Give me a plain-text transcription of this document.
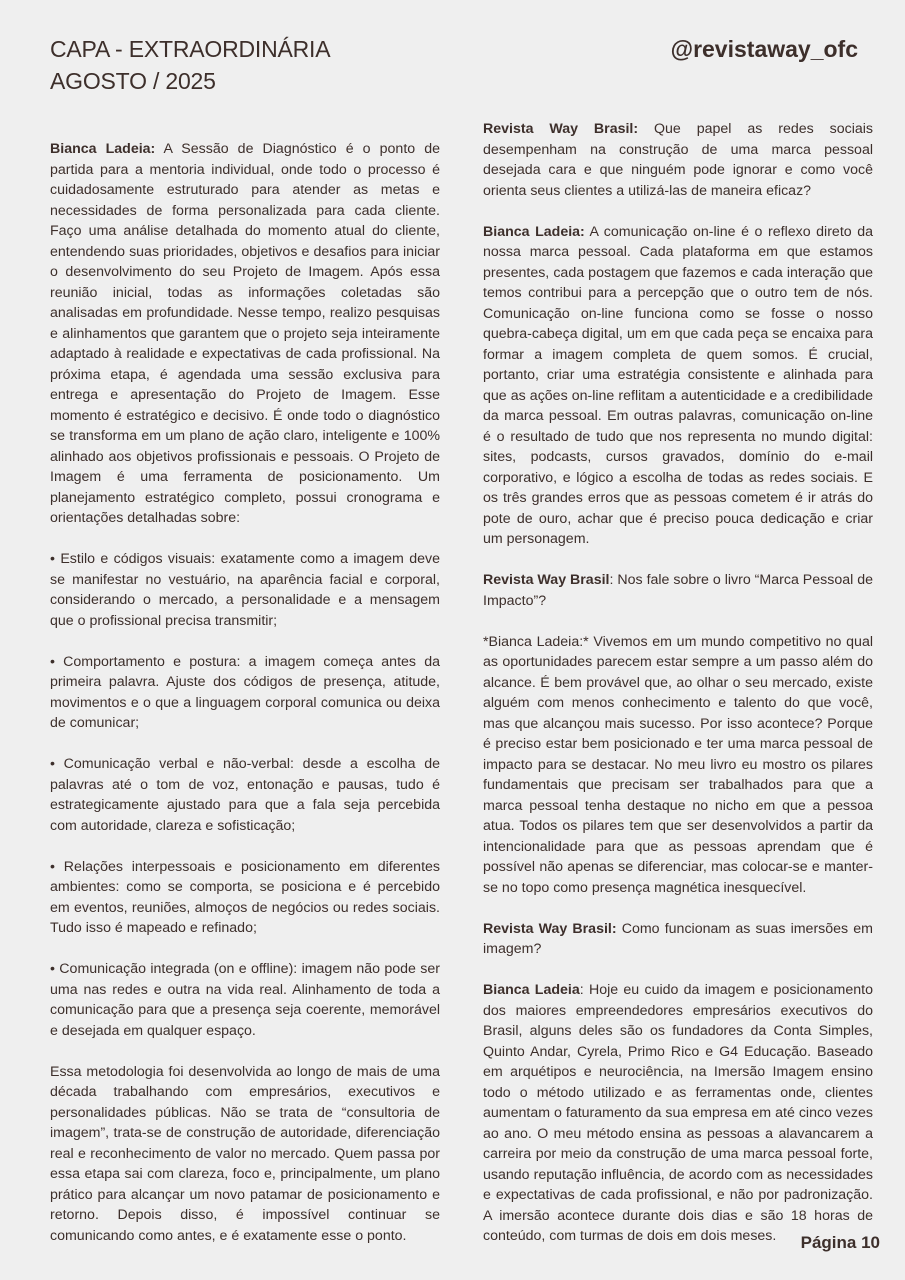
CAPA - EXTRAORDINÁRIA
AGOSTO / 2025
@revistaway_ofc

Bianca Ladeia: A Sessão de Diagnóstico é o ponto de partida para a mentoria individual, onde todo o processo é cuidadosamente estruturado para atender as metas e necessidades de forma personalizada para cada cliente. Faço uma análise detalhada do momento atual do cliente, entendendo suas prioridades, objetivos e desafios para iniciar o desenvolvimento do seu Projeto de Imagem. Após essa reunião inicial, todas as informações coletadas são analisadas em profundidade. Nesse tempo, realizo pesquisas e alinhamentos que garantem que o projeto seja inteiramente adaptado à realidade e expectativas de cada profissional. Na próxima etapa, é agendada uma sessão exclusiva para entrega e apresentação do Projeto de Imagem. Esse momento é estratégico e decisivo. É onde todo o diagnóstico se transforma em um plano de ação claro, inteligente e 100% alinhado aos objetivos profissionais e pessoais. O Projeto de Imagem é uma ferramenta de posicionamento. Um planejamento estratégico completo, possui cronograma e orientações detalhadas sobre:

• Estilo e códigos visuais: exatamente como a imagem deve se manifestar no vestuário, na aparência facial e corporal, considerando o mercado, a personalidade e a mensagem que o profissional precisa transmitir;

• Comportamento e postura: a imagem começa antes da primeira palavra. Ajuste dos códigos de presença, atitude, movimentos e o que a linguagem corporal comunica ou deixa de comunicar;

• Comunicação verbal e não-verbal: desde a escolha de palavras até o tom de voz, entonação e pausas, tudo é estrategicamente ajustado para que a fala seja percebida com autoridade, clareza e sofisticação;

• Relações interpessoais e posicionamento em diferentes ambientes: como se comporta, se posiciona e é percebido em eventos, reuniões, almoços de negócios ou redes sociais. Tudo isso é mapeado e refinado;

• Comunicação integrada (on e offline): imagem não pode ser uma nas redes e outra na vida real. Alinhamento de toda a comunicação para que a presença seja coerente, memorável e desejada em qualquer espaço.

Essa metodologia foi desenvolvida ao longo de mais de uma década trabalhando com empresários, executivos e personalidades públicas. Não se trata de “consultoria de imagem”, trata-se de construção de autoridade, diferenciação real e reconhecimento de valor no mercado. Quem passa por essa etapa sai com clareza, foco e, principalmente, um plano prático para alcançar um novo patamar de posicionamento e retorno. Depois disso, é impossível continuar se comunicando como antes, e é exatamente esse o ponto.

Revista Way Brasil: Que papel as redes sociais desempenham na construção de uma marca pessoal desejada cara e que ninguém pode ignorar e como você orienta seus clientes a utilizá-las de maneira eficaz?

Bianca Ladeia: A comunicação on-line é o reflexo direto da nossa marca pessoal. Cada plataforma em que estamos presentes, cada postagem que fazemos e cada interação que temos contribui para a percepção que o outro tem de nós. Comunicação on-line funciona como se fosse o nosso quebra-cabeça digital, um em que cada peça se encaixa para formar a imagem completa de quem somos. É crucial, portanto, criar uma estratégia consistente e alinhada para que as ações on-line reflitam a autenticidade e a credibilidade da marca pessoal. Em outras palavras, comunicação on-line é o resultado de tudo que nos representa no mundo digital: sites, podcasts, cursos gravados, domínio do e-mail corporativo, e lógico a escolha de todas as redes sociais. E os três grandes erros que as pessoas cometem é ir atrás do pote de ouro, achar que é preciso pouca dedicação e criar um personagem.

Revista Way Brasil: Nos fale sobre o livro “Marca Pessoal de Impacto”?

*Bianca Ladeia:* Vivemos em um mundo competitivo no qual as oportunidades parecem estar sempre a um passo além do alcance. É bem provável que, ao olhar o seu mercado, existe alguém com menos conhecimento e talento do que você, mas que alcançou mais sucesso. Por isso acontece? Porque é preciso estar bem posicionado e ter uma marca pessoal de impacto para se destacar. No meu livro eu mostro os pilares fundamentais que precisam ser trabalhados para que a marca pessoal tenha destaque no nicho em que a pessoa atua. Todos os pilares tem que ser desenvolvidos a partir da intencionalidade para que as pessoas aprendam que é possível não apenas se diferenciar, mas colocar-se e manter-se no topo como presença magnética inesquecível.

Revista Way Brasil: Como funcionam as suas imersões em imagem?

Bianca Ladeia: Hoje eu cuido da imagem e posicionamento dos maiores empreendedores empresários executivos do Brasil, alguns deles são os fundadores da Conta Simples, Quinto Andar, Cyrela, Primo Rico e G4 Educação. Baseado em arquétipos e neurociência, na Imersão Imagem ensino todo o método utilizado e as ferramentas onde, clientes aumentam o faturamento da sua empresa em até cinco vezes ao ano. O meu método ensina as pessoas a alavancarem a carreira por meio da construção de uma marca pessoal forte, usando reputação influência, de acordo com as necessidades e expectativas de cada profissional, e não por padronização. A imersão acontece durante dois dias e são 18 horas de conteúdo, com turmas de dois em dois meses.	Página 10
